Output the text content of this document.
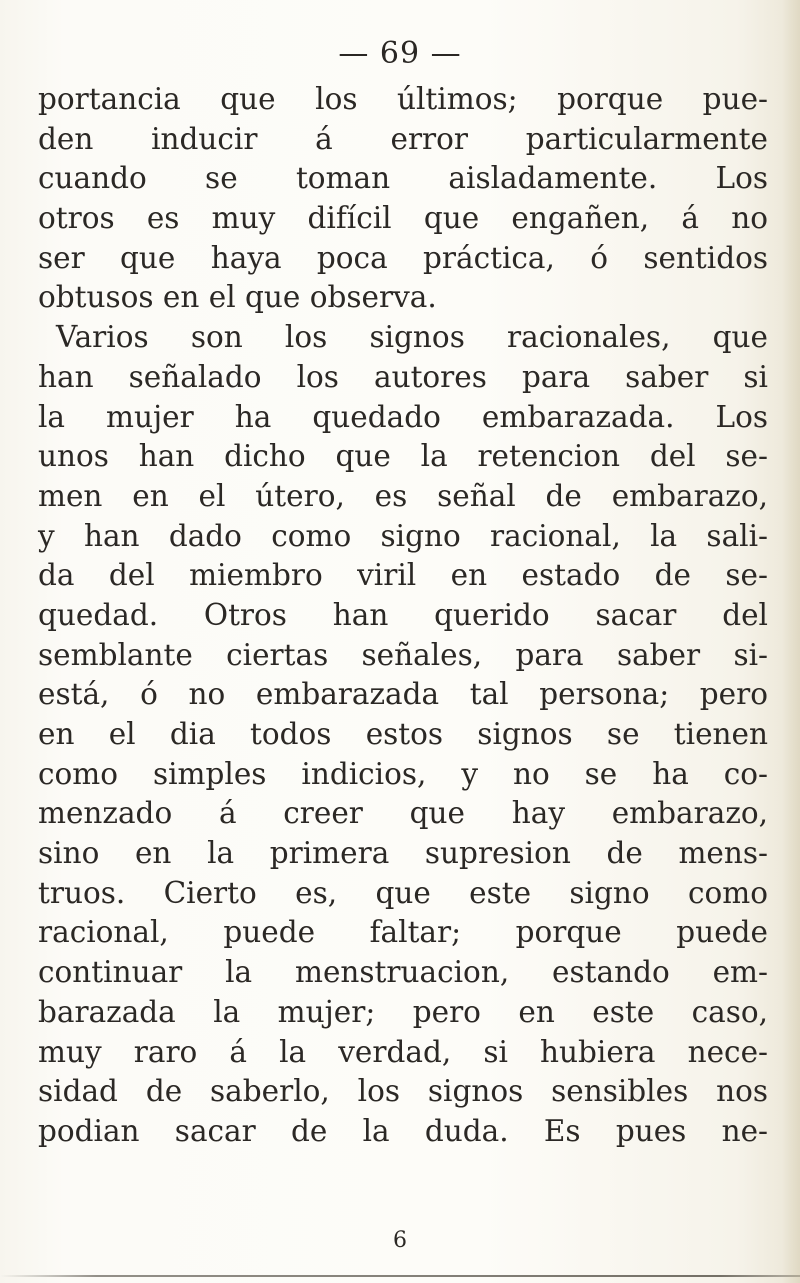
— 69 —
portancia que los últimos; porque pue-
den inducir á error particularmente
cuando se toman aisladamente. Los
otros es muy difícil que engañen, á no
ser que haya poca práctica, ó sentidos
obtusos en el que observa.
Varios son los signos racionales, que
han señalado los autores para saber si
la mujer ha quedado embarazada. Los
unos han dicho que la retencion del se-
men en el útero, es señal de embarazo,
y han dado como signo racional, la sali-
da del miembro viril en estado de se-
quedad. Otros han querido sacar del
semblante ciertas señales, para saber si-
está, ó no embarazada tal persona; pero
en el dia todos estos signos se tienen
como simples indicios, y no se ha co-
menzado á creer que hay embarazo,
sino en la primera supresion de mens-
truos. Cierto es, que este signo como
racional, puede faltar; porque puede
continuar la menstruacion, estando em-
barazada la mujer; pero en este caso,
muy raro á la verdad, si hubiera nece-
sidad de saberlo, los signos sensibles nos
podian sacar de la duda. Es pues ne-
6
